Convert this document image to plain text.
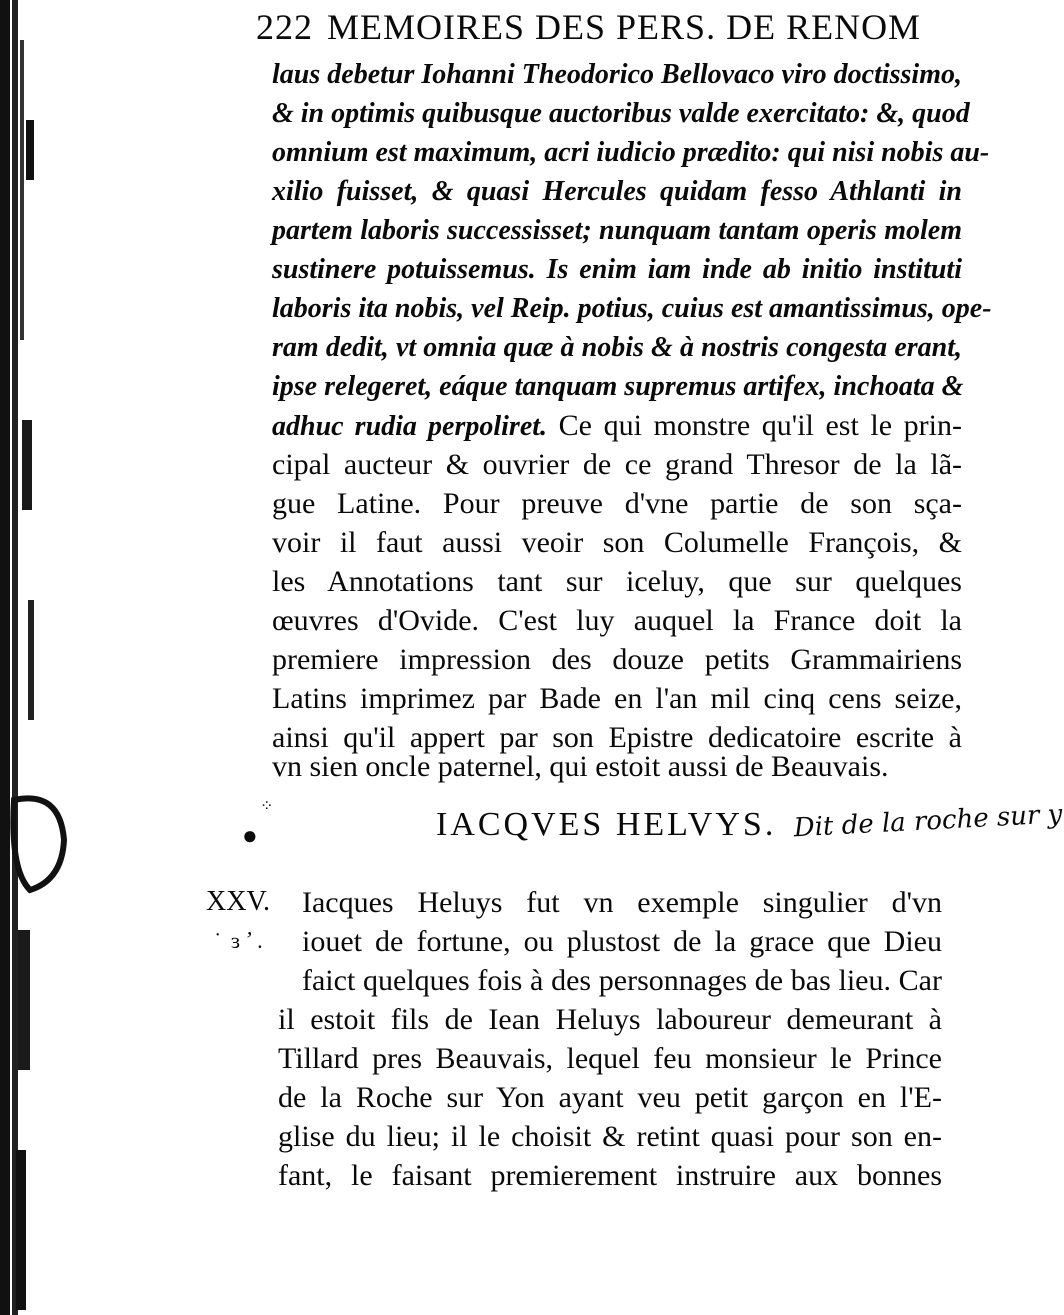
222 MEMOIRES DES PERS. DE RENOM
laus debetur Iohanni Theodorico Bellovaco viro doctissimo,
& in optimis quibusque auctoribus valde exercitato: &, quod
omnium est maximum, acri iudicio prædito: qui nisi nobis au-
xilio fuisset, & quasi Hercules quidam fesso Athlanti in
partem laboris successisset; nunquam tantam operis molem
sustinere potuissemus. Is enim iam inde ab initio instituti
laboris ita nobis, vel Reip. potius, cuius est amantissimus, ope-
ram dedit, vt omnia quæ à nobis & à nostris congesta erant,
ipse relegeret, eáque tanquam supremus artifex, inchoata &
adhuc rudia perpoliret. Ce qui monstre qu'il est le prin-
cipal aucteur & ouvrier de ce grand Thresor de la lã-
gue Latine. Pour preuve d'vne partie de son sçа-
voir il faut aussi veoir son Columelle François, &
les Annotations tant sur iceluy, que sur quelques
œuvres d'Ovide. C'est luy auquel la France doit la
premiere impression des douze petits Grammairiens
Latins imprimez par Bade en l'an mil cinq cens seize,
ainsi qu'il appert par son Epistre dedicatoire escrite à
vn sien oncle paternel, qui estoit aussi de Beauvais.
⁘
●	IACQVES HELVYS. Dit de la roche sur y
XXV.
˙ ɜ ̛ .
Iacques Heluys fut vn exemple singulier d'vn
iouet de fortune, ou plustost de la grace que Dieu
faict quelques fois à des personnages de bas lieu. Car
il estoit fils de Iean Heluys laboureur demeurant à
Tillard pres Beauvais, lequel feu monsieur le Prince
de la Roche sur Yon ayant veu petit garçon en l'E-
glise du lieu; il le choisit & retint quasi pour son en-
fant, le faisant premierement instruire aux bonnes
